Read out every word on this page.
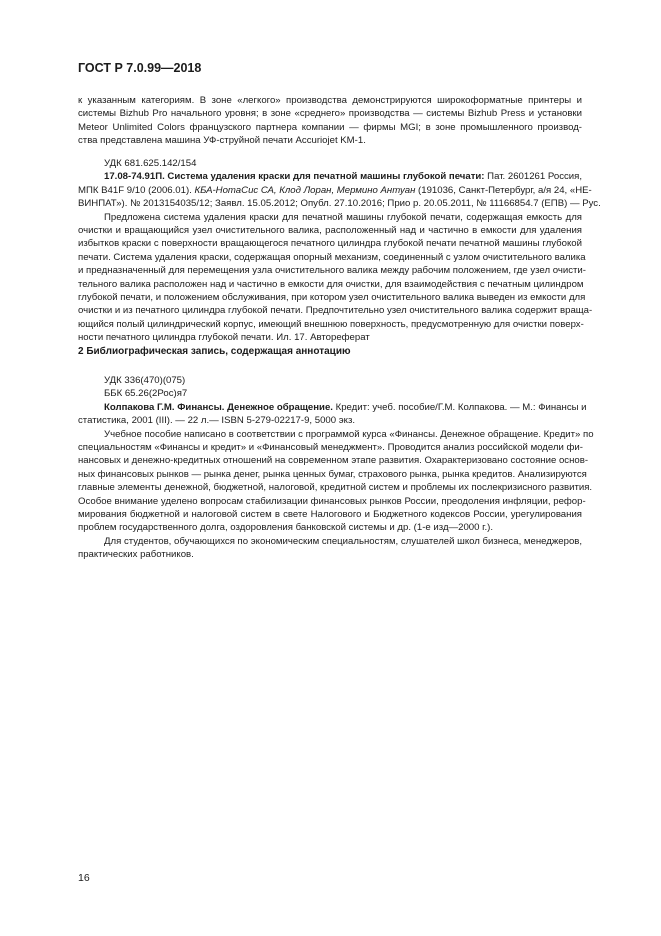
ГОСТ Р 7.0.99—2018
к указанным категориям. В зоне «легкого» производства демонстрируются широкоформатные принтеры и
системы Bizhub Pro начального уровня; в зоне «среднего» производства — системы Bizhub Press и установки
Meteor Unlimited Colors французского партнера компании — фирмы MGI; в зоне промышленного производ-
ства представлена машина УФ-струйной печати Accuriojet KM-1.
УДК 681.625.142/154
17.08-74.91П. Система удаления краски для печатной машины глубокой печати: Пат. 2601261 Россия,
МПК B41F 9/10 (2006.01). КБА-НотаСис СА, Клод Лоран, Мермино Антуан (191036, Санкт-Петербург, а/я 24, «НЕ-
ВИНПАТ»). № 2013154035/12; Заявл. 15.05.2012; Опубл. 27.10.2016; Прио р. 20.05.2011, № 11166854.7 (ЕПВ) — Рус.
Предложена система удаления краски для печатной машины глубокой печати, содержащая емкость для
очистки и вращающийся узел очистительного валика, расположенный над и частично в емкости для удаления
избытков краски с поверхности вращающегося печатного цилиндра глубокой печати печатной машины глубокой
печати. Система удаления краски, содержащая опорный механизм, соединенный с узлом очистительного валика
и предназначенный для перемещения узла очистительного валика между рабочим положением, где узел очисти-
тельного валика расположен над и частично в емкости для очистки, для взаимодействия с печатным цилиндром
глубокой печати, и положением обслуживания, при котором узел очистительного валика выведен из емкости для
очистки и из печатного цилиндра глубокой печати. Предпочтительно узел очистительного валика содержит враща-
ющийся полый цилиндрический корпус, имеющий внешнюю поверхность, предусмотренную для очистки поверх-
ности печатного цилиндра глубокой печати. Ил. 17. Автореферат
2 Библиографическая запись, содержащая аннотацию
УДК 336(470)(075)
ББК 65.26(2Рос)я7
Колпакова Г.М. Финансы. Денежное обращение. Кредит: учеб. пособие/Г.М. Колпакова. — М.: Финансы и
статистика, 2001 (III). — 22 л.— ISBN 5-279-02217-9, 5000 экз.
Учебное пособие написано в соответствии с программой курса «Финансы. Денежное обращение. Кредит» по
специальностям «Финансы и кредит» и «Финансовый менеджмент». Проводится анализ российской модели фи-
нансовых и денежно-кредитных отношений на современном этапе развития. Охарактеризовано состояние основ-
ных финансовых рынков — рынка денег, рынка ценных бумаг, страхового рынка, рынка кредитов. Анализируются
главные элементы денежной, бюджетной, налоговой, кредитной систем и проблемы их послекризисного развития.
Особое внимание уделено вопросам стабилизации финансовых рынков России, преодоления инфляции, рефор-
мирования бюджетной и налоговой систем в свете Налогового и Бюджетного кодексов России, урегулирования
проблем государственного долга, оздоровления банковской системы и др. (1-е изд—2000 г.).
Для студентов, обучающихся по экономическим специальностям, слушателей школ бизнеса, менеджеров,
практических работников.
16
